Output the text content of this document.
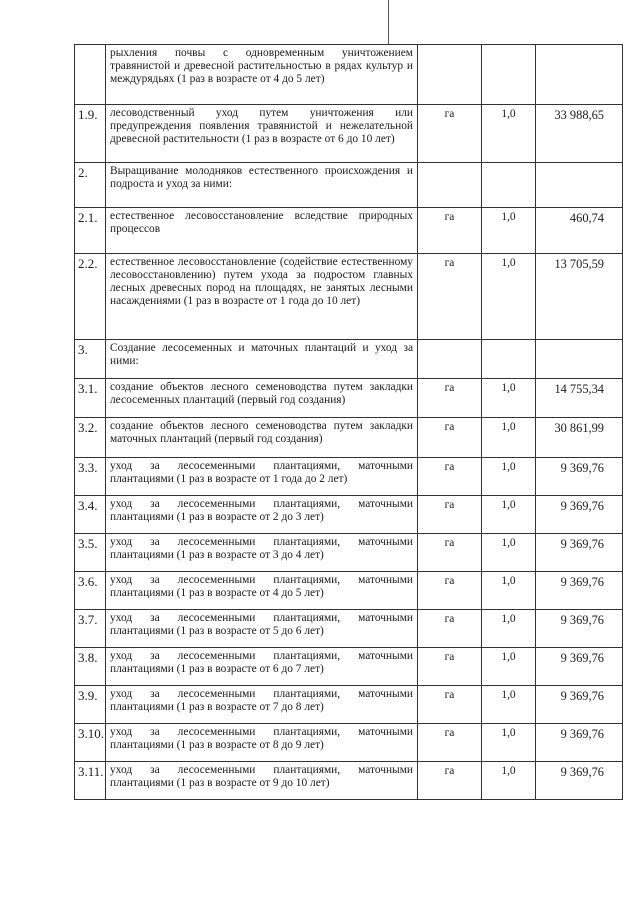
	рыхления почвы с одновременным уничтожением травянистой и древесной растительностью в рядах культур и междурядьях (1 раз в возрасте от 4 до 5 лет)			
1.9.	лесоводственный уход путем уничтожения или предупреждения появления травянистой и нежелательной древесной растительности (1 раз в возрасте от 6 до 10 лет)	га	1,0	33 988,65
2.	Выращивание молодняков естественного происхождения и подроста и уход за ними:			
2.1.	естественное лесовосстановление вследствие природных процессов	га	1,0	460,74
2.2.	естественное лесовосстановление (содействие естественному лесовосстановлению) путем ухода за подростом главных лесных древесных пород на площадях, не занятых лесными насаждениями (1 раз в возрасте от 1 года до 10 лет)	га	1,0	13 705,59
3.	Создание лесосеменных и маточных плантаций и уход за ними:			
3.1.	создание объектов лесного семеноводства путем закладки лесосеменных плантаций (первый год создания)	га	1,0	14 755,34
3.2.	создание объектов лесного семеноводства путем закладки маточных плантаций (первый год создания)	га	1,0	30 861,99
3.3.	уход за лесосеменными плантациями, маточными плантациями (1 раз в возрасте от 1 года до 2 лет)	га	1,0	9 369,76
3.4.	уход за лесосеменными плантациями, маточными плантациями (1 раз в возрасте от 2 до 3 лет)	га	1,0	9 369,76
3.5.	уход за лесосеменными плантациями, маточными плантациями (1 раз в возрасте от 3 до 4 лет)	га	1,0	9 369,76
3.6.	уход за лесосеменными плантациями, маточными плантациями (1 раз в возрасте от 4 до 5 лет)	га	1,0	9 369,76
3.7.	уход за лесосеменными плантациями, маточными плантациями (1 раз в возрасте от 5 до 6 лет)	га	1,0	9 369,76
3.8.	уход за лесосеменными плантациями, маточными плантациями (1 раз в возрасте от 6 до 7 лет)	га	1,0	9 369,76
3.9.	уход за лесосеменными плантациями, маточными плантациями (1 раз в возрасте от 7 до 8 лет)	га	1,0	9 369,76
3.10.	уход за лесосеменными плантациями, маточными плантациями (1 раз в возрасте от 8 до 9 лет)	га	1,0	9 369,76
3.11.	уход за лесосеменными плантациями, маточными плантациями (1 раз в возрасте от 9 до 10 лет)	га	1,0	9 369,76
